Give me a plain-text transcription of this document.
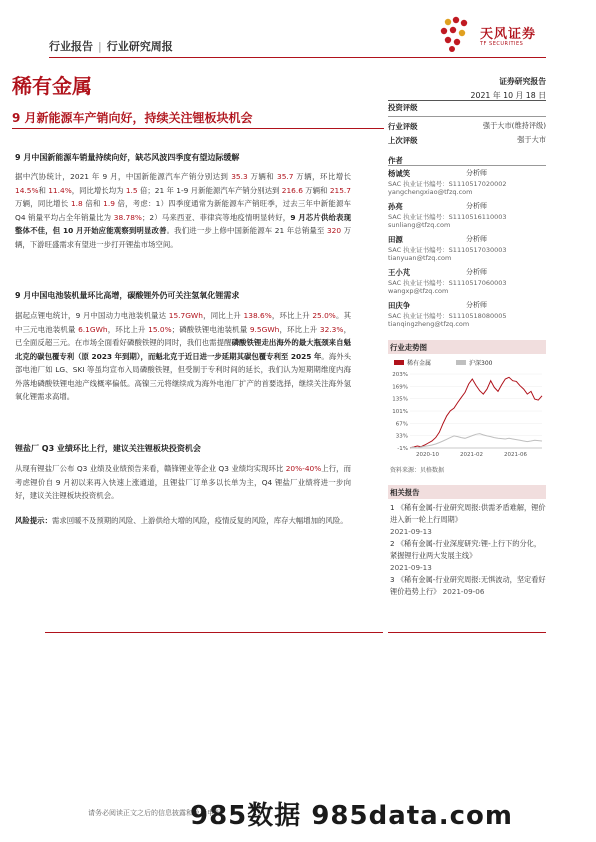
行业报告 | 行业研究周报
天风证券
TF SECURITIES
稀有金属	证券研究报告
2021 年 10 月 18 日
9 月新能源车产销向好，持续关注锂板块机会
9 月中国新能源车销量持续向好，缺芯风波四季度有望边际缓解
据中汽协统计，2021 年 9 月，中国新能源汽车产销分别达到 35.3 万辆和 35.7 万辆，环比增长 14.5%和 11.4%，同比增长均为 1.5 倍；21 年 1-9 月新能源汽车产销分别达到 216.6 万辆和 215.7 万辆，同比增长 1.8 倍和 1.9 倍，考虑：1）四季度通常为新能源车产销旺季，过去三年中新能源车 Q4 销量平均占全年销量比为 38.78%；2）马来西亚、菲律宾等地疫情明显转好，9 月芯片供给表现整体不佳，但 10 月开始应能观察到明显改善。我们进一步上修中国新能源车 21 年总销量至 320 万辆，下游旺盛需求有望进一步打开锂盐市场空间。
9 月中国电池装机量环比高增，碳酸锂外仍可关注氢氧化锂需求
据起点锂电统计，9 月中国动力电池装机量达 15.7GWh，同比上升 138.6%，环比上升 25.0%。其中三元电池装机量 6.1GWh，环比上升 15.0%；磷酸铁锂电池装机量 9.5GWh，环比上升 32.3%，已全面反超三元。在市场全面看好磷酸铁锂的同时，我们也需提醒磷酸铁锂走出海外的最大瓶颈来自魁北克的碳包覆专利（原 2023 年到期），而魁北克于近日进一步延期其碳包覆专利至 2025 年。海外头部电池厂如 LG、SKI 等虽均宣布入局磷酸铁锂，但受制于专利时间的延长，我们认为短期期维度内海外落地磷酸铁锂电池产线概率偏低。高镍三元将继续成为海外电池厂扩产的首要选择，继续关注海外氢氧化锂需求高增。
锂盐厂 Q3 业绩环比上行，建议关注锂板块投资机会
从现有锂盐厂公布 Q3 业绩及业绩预告来看，赣锋锂业等企业 Q3 业绩均实现环比 20%-40%上行，而考虑锂价自 9 月初以来再入快速上涨通道，且锂盐厂订单多以长单为主，Q4 锂盐厂业绩将进一步向好，建议关注锂板块投资机会。
风险提示：需求回暖不及预期的风险、上游供给大增的风险，疫情反复的风险，库存大幅增加的风险。
投资评级
行业评级	强于大市(维持评级)
上次评级	强于大市
作者
杨诚笑	分析师
SAC 执业证书编号：S1110517020002
yangchengxiao@tfzq.com
孙亮	分析师
SAC 执业证书编号：S1110516110003
sunliang@tfzq.com
田源	分析师
SAC 执业证书编号：S1110517030003
tianyuan@tfzq.com
王小芃	分析师
SAC 执业证书编号：S1110517060003
wangxp@tfzq.com
田庆争	分析师
SAC 执业证书编号：S1110518080005
tianqingzheng@tfzq.com
行业走势图
稀有金属	沪深300
203%
169%
135%
101%
67%
33%
-1%
2020-10	2021-02	2021-06
资料来源：贝格数据
相关报告
1 《稀有金属-行业研究周报:供需矛盾难解，锂价进入新一轮上行周期》
2021-09-13
2 《稀有金属-行业深度研究:锂-上行下的分化，紧握锂行业两大发展主线》
2021-09-13
3 《稀有金属-行业研究周报:无惧波动，坚定看好锂价趋势上行》 2021-09-06
请务必阅读正文之后的信息披露和免责申明
985数据 985data.com
